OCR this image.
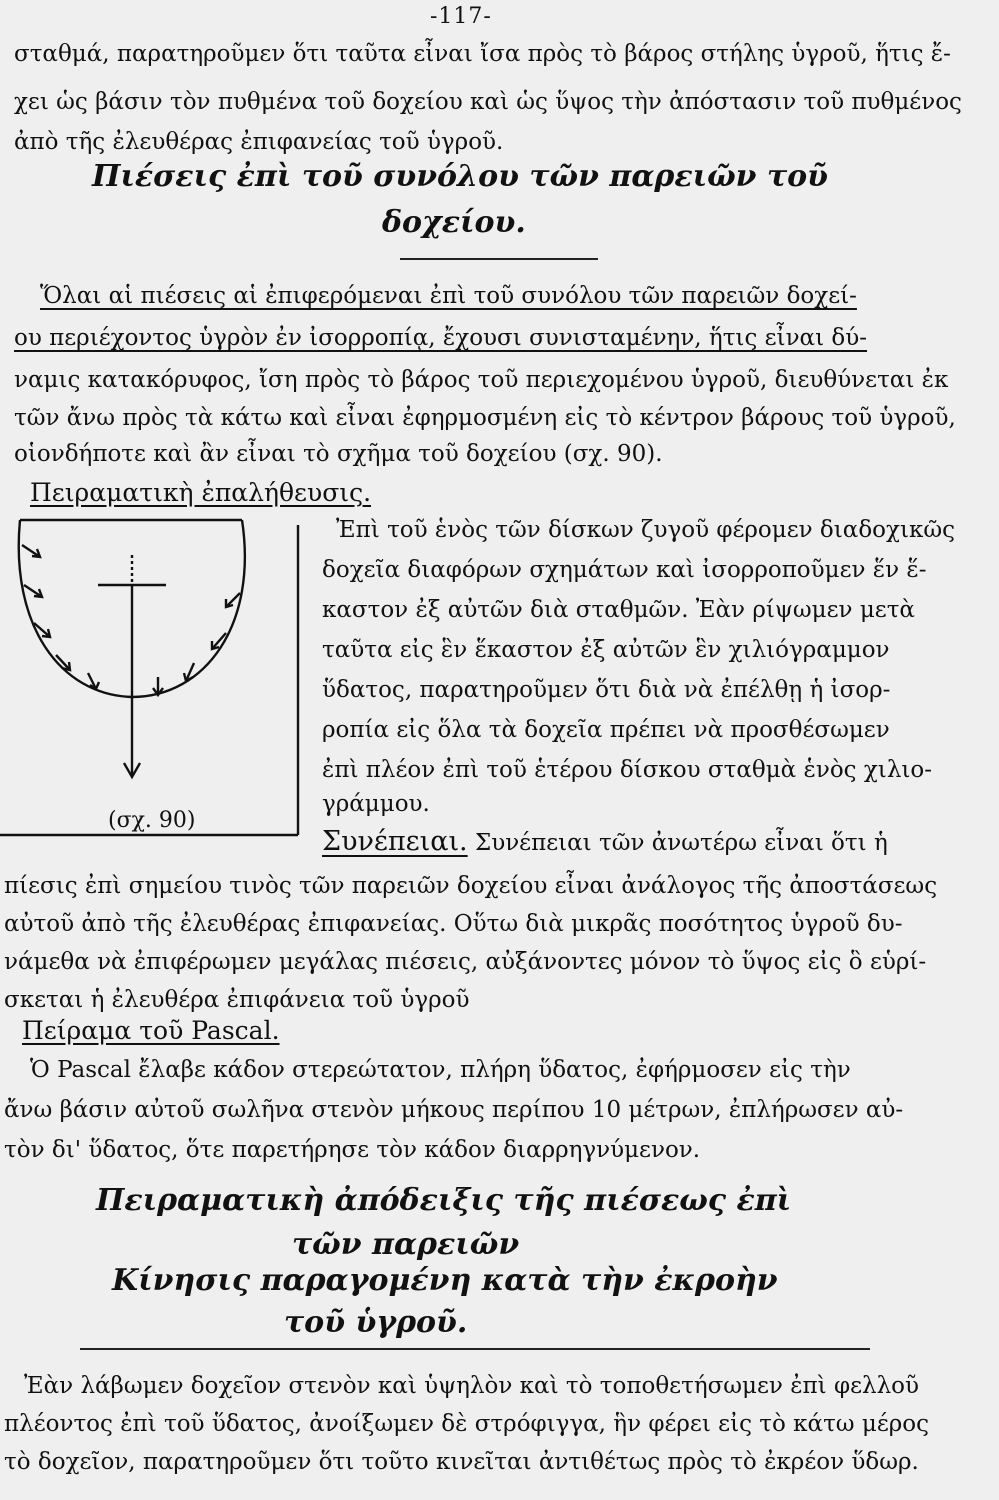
-117-
σταθμά, παρατηροῦμεν ὅτι ταῦτα εἶναι ἴσα πρὸς τὸ βάρος στήλης ὑγροῦ, ἥτις ἔ-
χει ὡς βάσιν τὸν πυθμένα τοῦ δοχείου καὶ ὡς ὕψος τὴν ἀπόστασιν τοῦ πυθμένος
ἀπὸ τῆς ἐλευθέρας ἐπιφανείας τοῦ ὑγροῦ.
Πιέσεις ἐπὶ τοῦ συνόλου τῶν παρειῶν τοῦ
δοχείου.
Ὅλαι αἱ πιέσεις αἱ ἐπιφερόμεναι ἐπὶ τοῦ συνόλου τῶν παρειῶν δοχεί-
ου περιέχοντος ὑγρὸν ἐν ἰσορροπίᾳ, ἔχουσι συνισταμένην, ἥτις εἶναι δύ-
ναμις κατακόρυφος, ἴση πρὸς τὸ βάρος τοῦ περιεχομένου ὑγροῦ, διευθύνεται ἐκ
τῶν ἄνω πρὸς τὰ κάτω καὶ εἶναι ἐφηρμοσμένη εἰς τὸ κέντρον βάρους τοῦ ὑγροῦ,
οἱονδήποτε καὶ ἂν εἶναι τὸ σχῆμα τοῦ δοχείου (σχ. 90).
Πειραματικὴ ἐπαλήθευσις.
(σχ. 90)
Ἐπὶ τοῦ ἑνὸς τῶν δίσκων ζυγοῦ φέρομεν διαδοχικῶς
δοχεῖα διαφόρων σχημάτων καὶ ἰσορροποῦμεν ἕν ἕ-
καστον ἐξ αὐτῶν διὰ σταθμῶν. Ἐὰν ρίψωμεν μετὰ
ταῦτα εἰς ἓν ἕκαστον ἐξ αὐτῶν ἓν χιλιόγραμμον
ὕδατος, παρατηροῦμεν ὅτι διὰ νὰ ἐπέλθῃ ἡ ἰσορ-
ροπία εἰς ὅλα τὰ δοχεῖα πρέπει νὰ προσθέσωμεν
ἐπὶ πλέον ἐπὶ τοῦ ἑτέρου δίσκου σταθμὰ ἑνὸς χιλιο-
γράμμου.
Συνέπειαι. Συνέπειαι τῶν ἀνωτέρω εἶναι ὅτι ἡ
πίεσις ἐπὶ σημείου τινὸς τῶν παρειῶν δοχείου εἶναι ἀνάλογος τῆς ἀποστάσεως
αὐτοῦ ἀπὸ τῆς ἐλευθέρας ἐπιφανείας. Οὕτω διὰ μικρᾶς ποσότητος ὑγροῦ δυ-
νάμεθα νὰ ἐπιφέρωμεν μεγάλας πιέσεις, αὐξάνοντες μόνον τὸ ὕψος εἰς ὃ εὑρί-
σκεται ἡ ἐλευθέρα ἐπιφάνεια τοῦ ὑγροῦ
Πείραμα τοῦ Pascal.
Ὁ Pascal ἔλαβε κάδον στερεώτατον, πλήρη ὕδατος, ἐφήρμοσεν εἰς τὴν
ἄνω βάσιν αὐτοῦ σωλῆνα στενὸν μήκους περίπου 10 μέτρων, ἐπλήρωσεν αὐ-
τὸν δι' ὕδατος, ὅτε παρετήρησε τὸν κάδον διαρρηγνύμενον.
Πειραματικὴ ἀπόδειξις τῆς πιέσεως ἐπὶ
τῶν παρειῶν
Κίνησις παραγομένη κατὰ τὴν ἐκροὴν
τοῦ ὑγροῦ.
Ἐὰν λάβωμεν δοχεῖον στενὸν καὶ ὑψηλὸν καὶ τὸ τοποθετήσωμεν ἐπὶ φελλοῦ
πλέοντος ἐπὶ τοῦ ὕδατος, ἀνοίξωμεν δὲ στρόφιγγα, ἣν φέρει εἰς τὸ κάτω μέρος
τὸ δοχεῖον, παρατηροῦμεν ὅτι τοῦτο κινεῖται ἀντιθέτως πρὸς τὸ ἐκρέον ὕδωρ.
